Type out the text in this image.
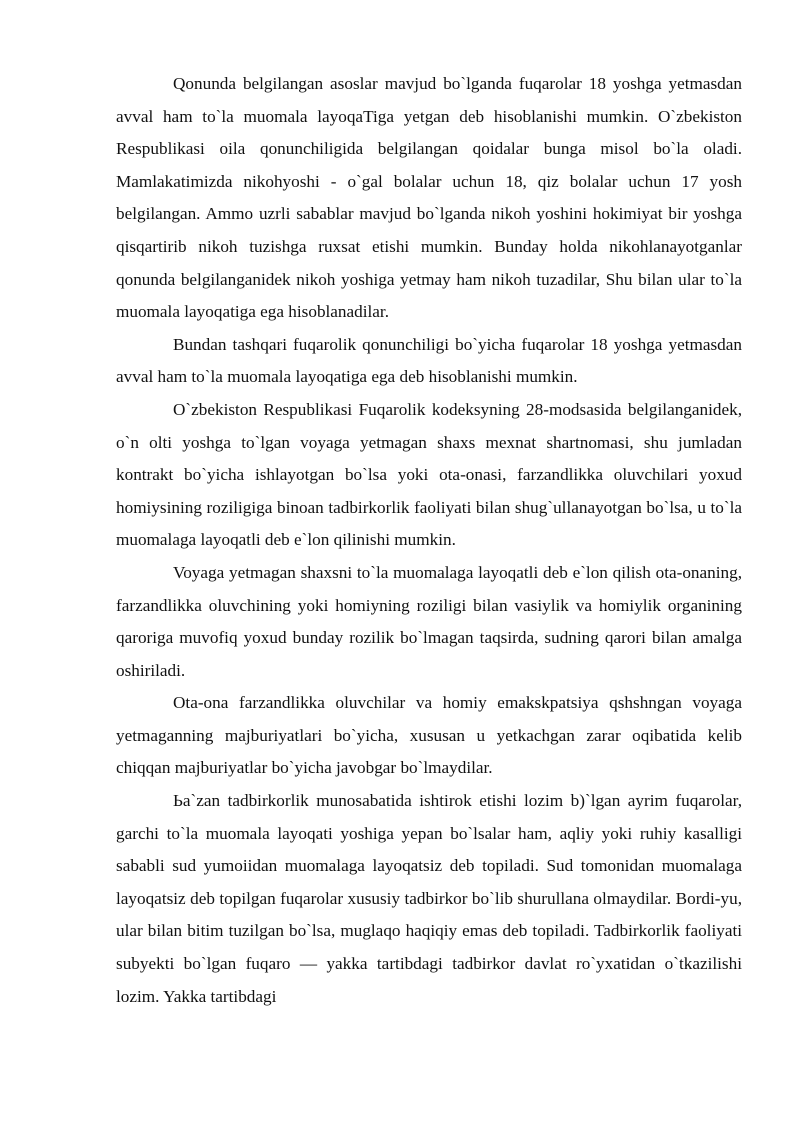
Qonunda belgilangan asoslar mavjud bo`lganda fuqarolar 18 yoshga yetmasdan avval ham to`la muomala layoqaTiga yetgan deb hisoblanishi mumkin. O`zbekiston Respublikasi oila qonunchiligida belgilangan qoidalar bunga misol bo`la oladi. Mamlakatimizda nikohyoshi - o`gal bolalar uchun 18, qiz bolalar uchun 17 yosh belgilangan. Ammo uzrli sabablar mavjud bo`lganda nikoh yoshini hokimiyat bir yoshga qisqartirib nikoh tuzishga ruxsat etishi mumkin. Bunday holda nikohlanayotganlar qonunda belgilanganidek nikoh yoshiga yetmay ham nikoh tuzadilar, Shu bilan ular to`la muomala layoqatiga ega hisoblanadilar.

Bundan tashqari fuqarolik qonunchiligi bo`yicha fuqarolar 18 yoshga yetmasdan avval ham to`la muomala layoqatiga ega deb hisoblanishi mumkin.

O`zbekiston Respublikasi Fuqarolik kodeksyning 28-modsasida belgilanganidek, o`n olti yoshga to`lgan voyaga yetmagan shaxs mexnat shartnomasi, shu jumladan kontrakt bo`yicha ishlayotgan bo`lsa yoki ota-onasi, farzandlikka oluvchilari yoxud homiysining roziligiga binoan tadbirkorlik faoliyati bilan shug`ullanayotgan bo`lsa, u to`la muomalaga layoqatli deb e`lon qilinishi mumkin.

Voyaga yetmagan shaxsni to`la muomalaga layoqatli deb e`lon qilish ota-onaning, farzandlikka oluvchining yoki homiyning roziligi bilan vasiylik va homiylik organining qaroriga muvofiq yoxud bunday rozilik bo`lmagan taqsirda, sudning qarori bilan amalga oshiriladi.

Ota-ona farzandlikka oluvchilar va homiy emakskpatsiya qshshngan voyaga yetmaganning majburiyatlari bo`yicha, xususan u yetkachgan zarar oqibatida kelib chiqqan majburiyatlar bo`yicha javobgar bo`lmaydilar.

Ьa`zan tadbirkorlik munosabatida ishtirok etishi lozim b)`lgan ayrim fuqarolar, garchi to`la muomala layoqati yoshiga yepan bo`lsalar ham, aqliy yoki ruhiy kasalligi sababli sud yumoiidan muomalaga layoqatsiz deb topiladi. Sud tomonidan muomalaga layoqatsiz deb topilgan fuqarolar xususiy tadbirkor bo`lib shurullana olmaydilar. Bordi-yu, ular bilan bitim tuzilgan bo`lsa, muglaqo haqiqiy emas deb topiladi. Tadbirkorlik faoliyati subyekti bo`lgan fuqaro — yakka tartibdagi tadbirkor davlat ro`yxatidan o`tkazilishi lozim. Yakka tartibdagi
